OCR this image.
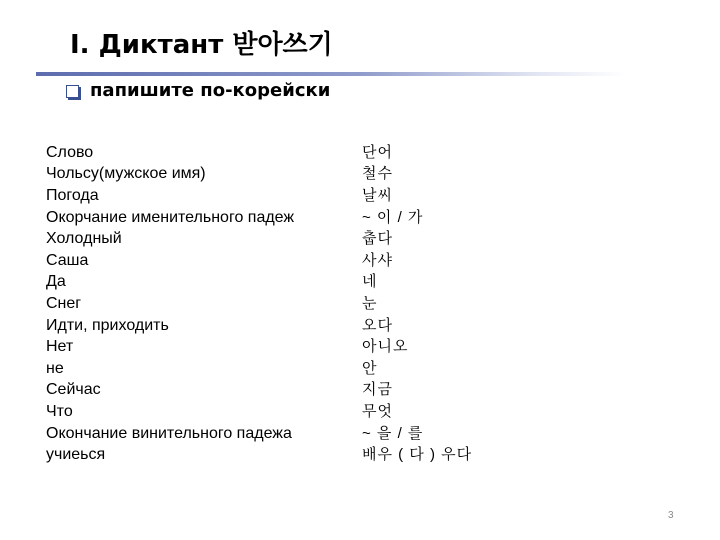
I. Диктант 받아쓰기
папишите по-корейски
Слово	단어
Чольсу(мужское имя)	철수
Погода	날씨
Окорчание именительного падеж	~ 이 / 가
Холодный	춥다
Саша	사샤
Да	네
Снег	눈
Идти, приходить	오다
Нет	아니오
не	안
Сейчас	지금
Что	무엇
Окончание винительного падежа	~ 을 / 를
учиеься	배우 ( 다 ) 우다
3
